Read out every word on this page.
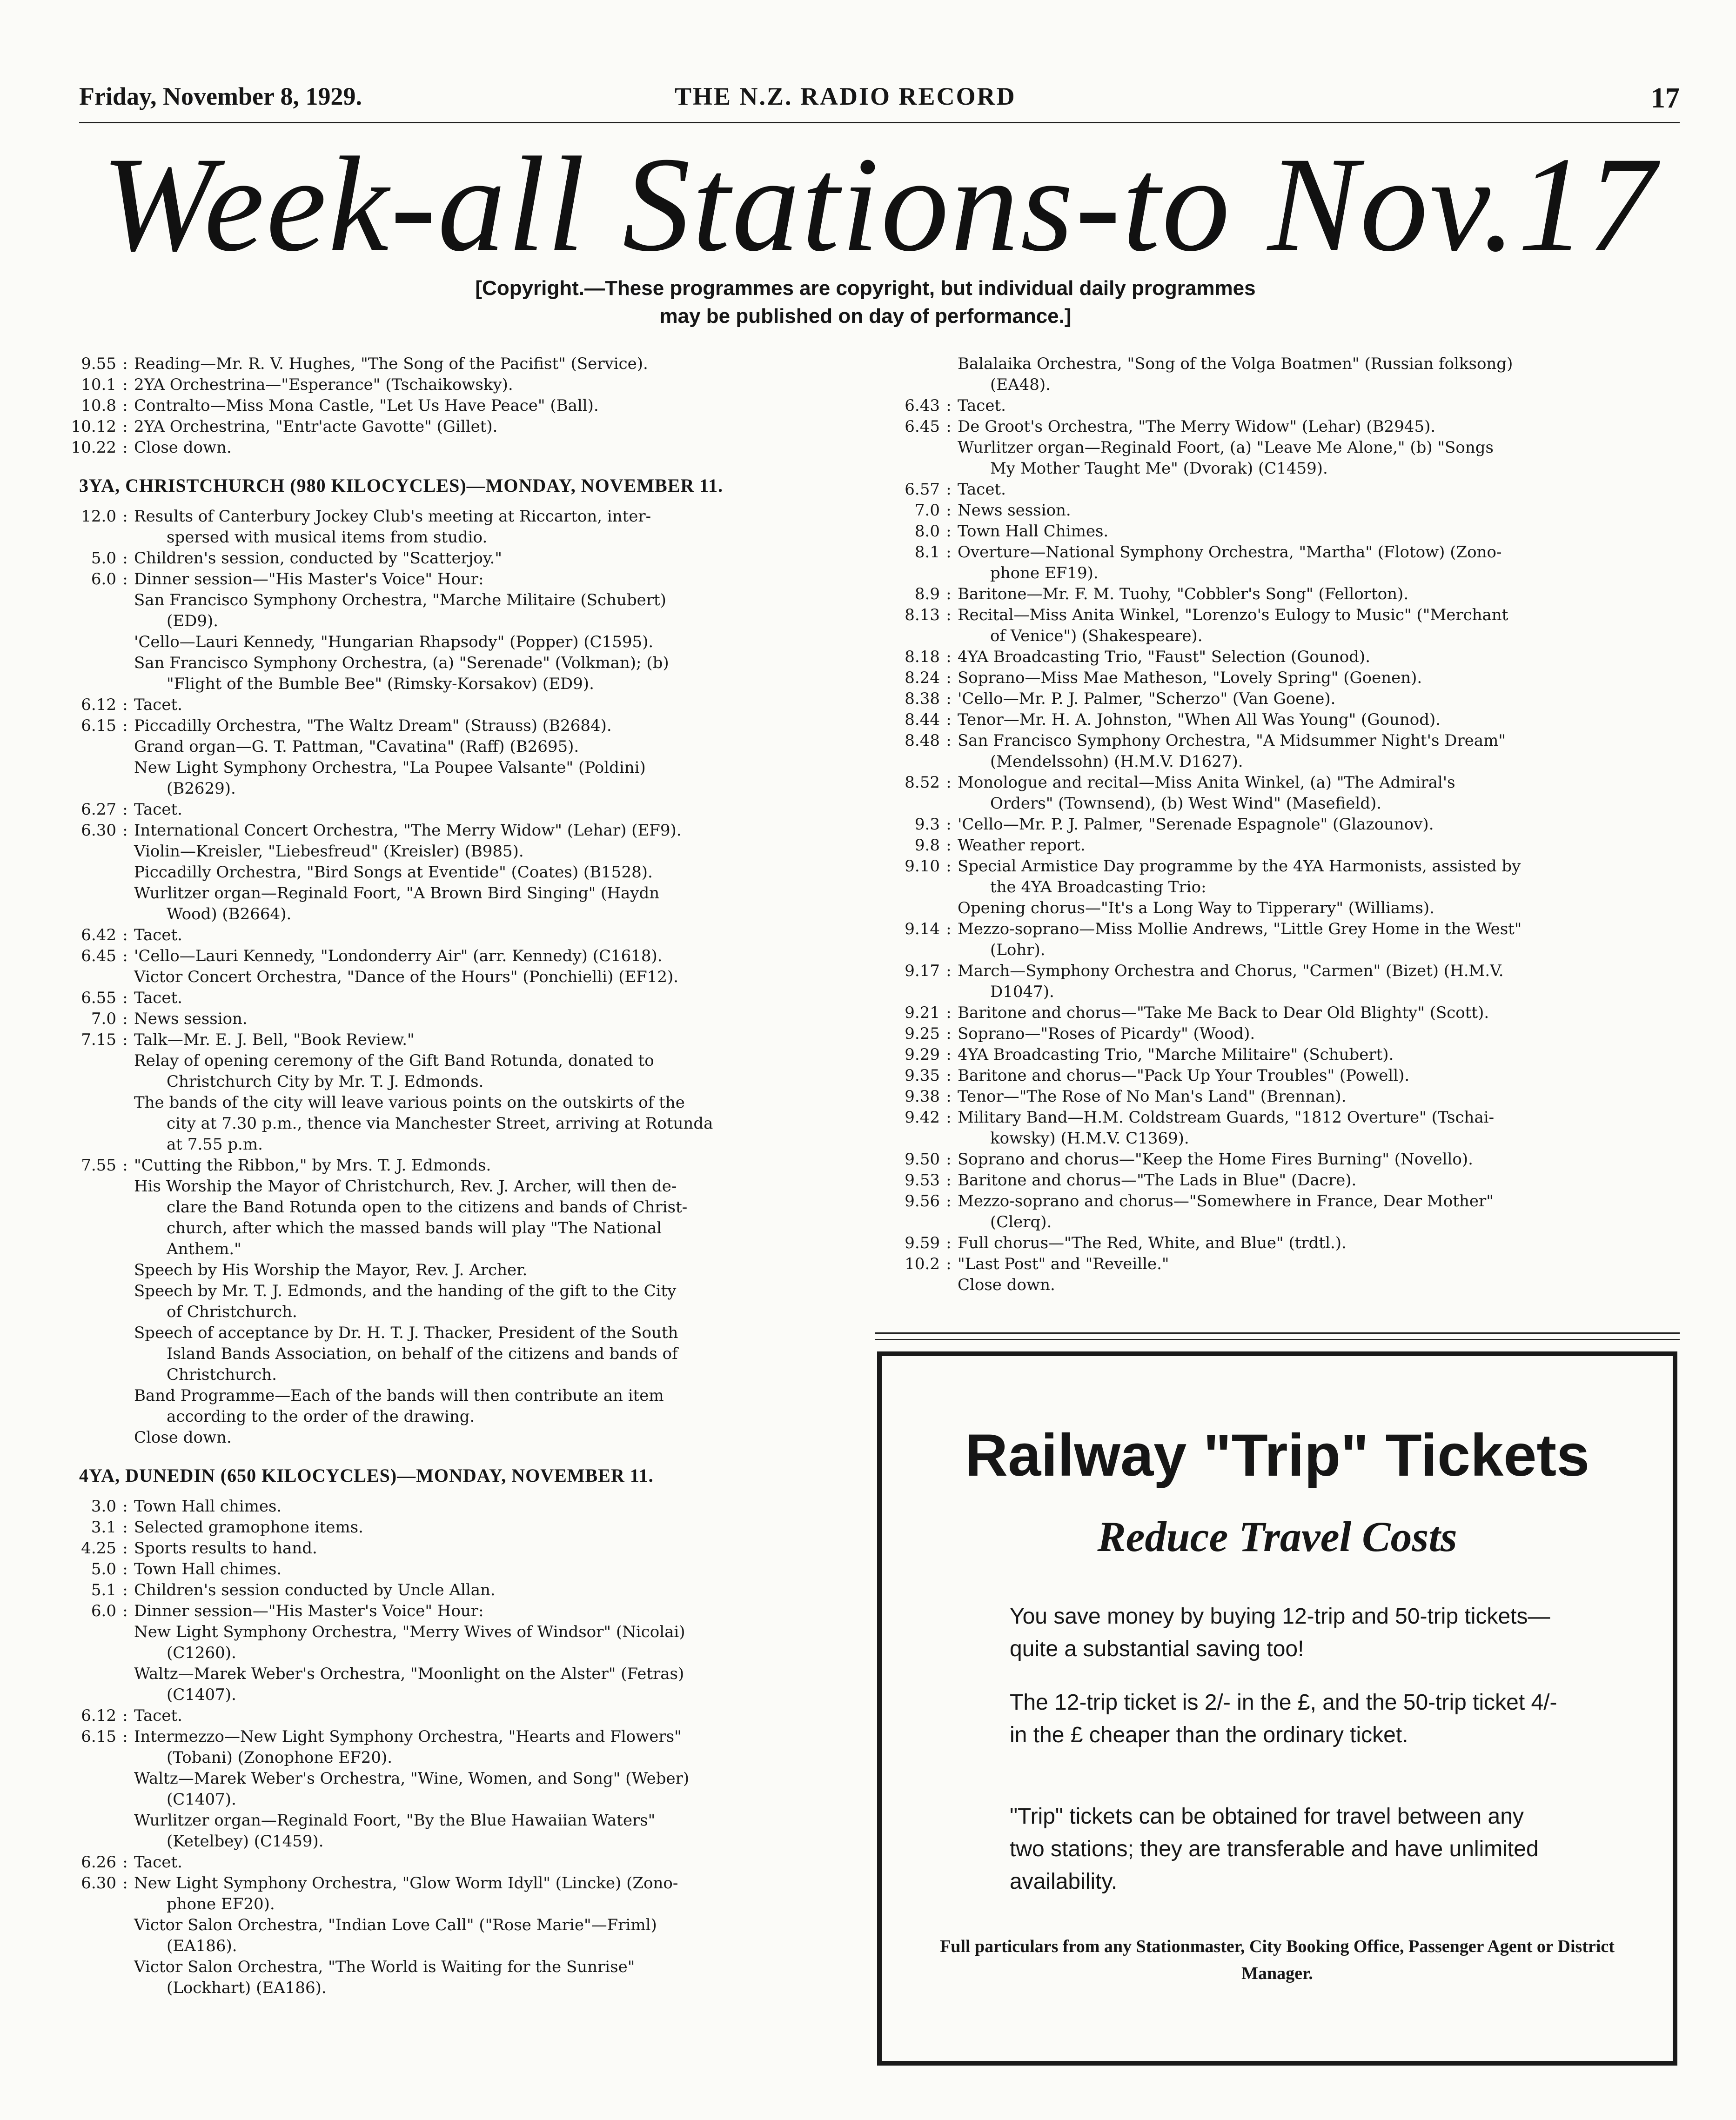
Friday, November 8, 1929.	THE N.Z. RADIO RECORD	17
Week-all Stations-to Nov.17
[Copyright.—These programmes are copyright, but individual daily programmes may be published on day of performance.]
9.55 : Reading—Mr. R. V. Hughes, "The Song of the Pacifist" (Service).

10.1 : 2YA Orchestrina—"Esperance" (Tschaikowsky).

10.8 : Contralto—Miss Mona Castle, "Let Us Have Peace" (Ball).

10.12 : 2YA Orchestrina, "Entr'acte Gavotte" (Gillet).

10.22 : Close down.

3YA, CHRISTCHURCH (980 KILOCYCLES)—MONDAY, NOVEMBER 11.
12.0 : Results of Canterbury Jockey Club's meeting at Riccarton, inter-

spersed with musical items from studio.

5.0 : Children's session, conducted by "Scatterjoy."

6.0 : Dinner session—"His Master's Voice" Hour:

San Francisco Symphony Orchestra, "Marche Militaire (Schubert)

(ED9).

'Cello—Lauri Kennedy, "Hungarian Rhapsody" (Popper) (C1595).

San Francisco Symphony Orchestra, (a) "Serenade" (Volkman); (b)

"Flight of the Bumble Bee" (Rimsky-Korsakov) (ED9).

6.12 : Tacet.

6.15 : Piccadilly Orchestra, "The Waltz Dream" (Strauss) (B2684).

Grand organ—G. T. Pattman, "Cavatina" (Raff) (B2695).

New Light Symphony Orchestra, "La Poupee Valsante" (Poldini)

(B2629).

6.27 : Tacet.

6.30 : International Concert Orchestra, "The Merry Widow" (Lehar) (EF9).

Violin—Kreisler, "Liebesfreud" (Kreisler) (B985).

Piccadilly Orchestra, "Bird Songs at Eventide" (Coates) (B1528).

Wurlitzer organ—Reginald Foort, "A Brown Bird Singing" (Haydn

Wood) (B2664).

6.42 : Tacet.

6.45 : 'Cello—Lauri Kennedy, "Londonderry Air" (arr. Kennedy) (C1618).

Victor Concert Orchestra, "Dance of the Hours" (Ponchielli) (EF12).

6.55 : Tacet.

7.0 : News session.

7.15 : Talk—Mr. E. J. Bell, "Book Review."

Relay of opening ceremony of the Gift Band Rotunda, donated to

Christchurch City by Mr. T. J. Edmonds.

The bands of the city will leave various points on the outskirts of the

city at 7.30 p.m., thence via Manchester Street, arriving at Rotunda

at 7.55 p.m.

7.55 : "Cutting the Ribbon," by Mrs. T. J. Edmonds.

His Worship the Mayor of Christchurch, Rev. J. Archer, will then de-

clare the Band Rotunda open to the citizens and bands of Christ-

church, after which the massed bands will play "The National

Anthem."

Speech by His Worship the Mayor, Rev. J. Archer.

Speech by Mr. T. J. Edmonds, and the handing of the gift to the City

of Christchurch.

Speech of acceptance by Dr. H. T. J. Thacker, President of the South

Island Bands Association, on behalf of the citizens and bands of

Christchurch.

Band Programme—Each of the bands will then contribute an item

according to the order of the drawing.

Close down.

4YA, DUNEDIN (650 KILOCYCLES)—MONDAY, NOVEMBER 11.
3.0 : Town Hall chimes.

3.1 : Selected gramophone items.

4.25 : Sports results to hand.

5.0 : Town Hall chimes.

5.1 : Children's session conducted by Uncle Allan.

6.0 : Dinner session—"His Master's Voice" Hour:

New Light Symphony Orchestra, "Merry Wives of Windsor" (Nicolai)

(C1260).

Waltz—Marek Weber's Orchestra, "Moonlight on the Alster" (Fetras)

(C1407).

6.12 : Tacet.

6.15 : Intermezzo—New Light Symphony Orchestra, "Hearts and Flowers"

(Tobani) (Zonophone EF20).

Waltz—Marek Weber's Orchestra, "Wine, Women, and Song" (Weber)

(C1407).

Wurlitzer organ—Reginald Foort, "By the Blue Hawaiian Waters"

(Ketelbey) (C1459).

6.26 : Tacet.

6.30 : New Light Symphony Orchestra, "Glow Worm Idyll" (Lincke) (Zono-

phone EF20).

Victor Salon Orchestra, "Indian Love Call" ("Rose Marie"—Friml)

(EA186).

Victor Salon Orchestra, "The World is Waiting for the Sunrise"

(Lockhart) (EA186).

Balalaika Orchestra, "Song of the Volga Boatmen" (Russian folksong)

(EA48).

6.43 : Tacet.

6.45 : De Groot's Orchestra, "The Merry Widow" (Lehar) (B2945).

Wurlitzer organ—Reginald Foort, (a) "Leave Me Alone," (b) "Songs

My Mother Taught Me" (Dvorak) (C1459).

6.57 : Tacet.

7.0 : News session.

8.0 : Town Hall Chimes.

8.1 : Overture—National Symphony Orchestra, "Martha" (Flotow) (Zono-

phone EF19).

8.9 : Baritone—Mr. F. M. Tuohy, "Cobbler's Song" (Fellorton).

8.13 : Recital—Miss Anita Winkel, "Lorenzo's Eulogy to Music" ("Merchant

of Venice") (Shakespeare).

8.18 : 4YA Broadcasting Trio, "Faust" Selection (Gounod).

8.24 : Soprano—Miss Mae Matheson, "Lovely Spring" (Goenen).

8.38 : 'Cello—Mr. P. J. Palmer, "Scherzo" (Van Goene).

8.44 : Tenor—Mr. H. A. Johnston, "When All Was Young" (Gounod).

8.48 : San Francisco Symphony Orchestra, "A Midsummer Night's Dream"

(Mendelssohn) (H.M.V. D1627).

8.52 : Monologue and recital—Miss Anita Winkel, (a) "The Admiral's

Orders" (Townsend), (b) West Wind" (Masefield).

9.3 : 'Cello—Mr. P. J. Palmer, "Serenade Espagnole" (Glazounov).

9.8 : Weather report.

9.10 : Special Armistice Day programme by the 4YA Harmonists, assisted by

the 4YA Broadcasting Trio:

Opening chorus—"It's a Long Way to Tipperary" (Williams).

9.14 : Mezzo-soprano—Miss Mollie Andrews, "Little Grey Home in the West"

(Lohr).

9.17 : March—Symphony Orchestra and Chorus, "Carmen" (Bizet) (H.M.V.

D1047).

9.21 : Baritone and chorus—"Take Me Back to Dear Old Blighty" (Scott).

9.25 : Soprano—"Roses of Picardy" (Wood).

9.29 : 4YA Broadcasting Trio, "Marche Militaire" (Schubert).

9.35 : Baritone and chorus—"Pack Up Your Troubles" (Powell).

9.38 : Tenor—"The Rose of No Man's Land" (Brennan).

9.42 : Military Band—H.M. Coldstream Guards, "1812 Overture" (Tschai-

kowsky) (H.M.V. C1369).

9.50 : Soprano and chorus—"Keep the Home Fires Burning" (Novello).

9.53 : Baritone and chorus—"The Lads in Blue" (Dacre).

9.56 : Mezzo-soprano and chorus—"Somewhere in France, Dear Mother"

(Clerq).

9.59 : Full chorus—"The Red, White, and Blue" (trdtl.).

10.2 : "Last Post" and "Reveille."

Close down.

Railway "Trip" Tickets
Reduce Travel Costs
You save money by buying 12-trip and 50-trip tickets—quite a substantial saving too!
The 12-trip ticket is 2/- in the £, and the 50-trip ticket 4/- in the £ cheaper than the ordinary ticket.
"Trip" tickets can be obtained for travel between any two stations; they are transferable and have unlimited availability.
Full particulars from any Stationmaster, City Booking Office, Passenger Agent or District Manager.
